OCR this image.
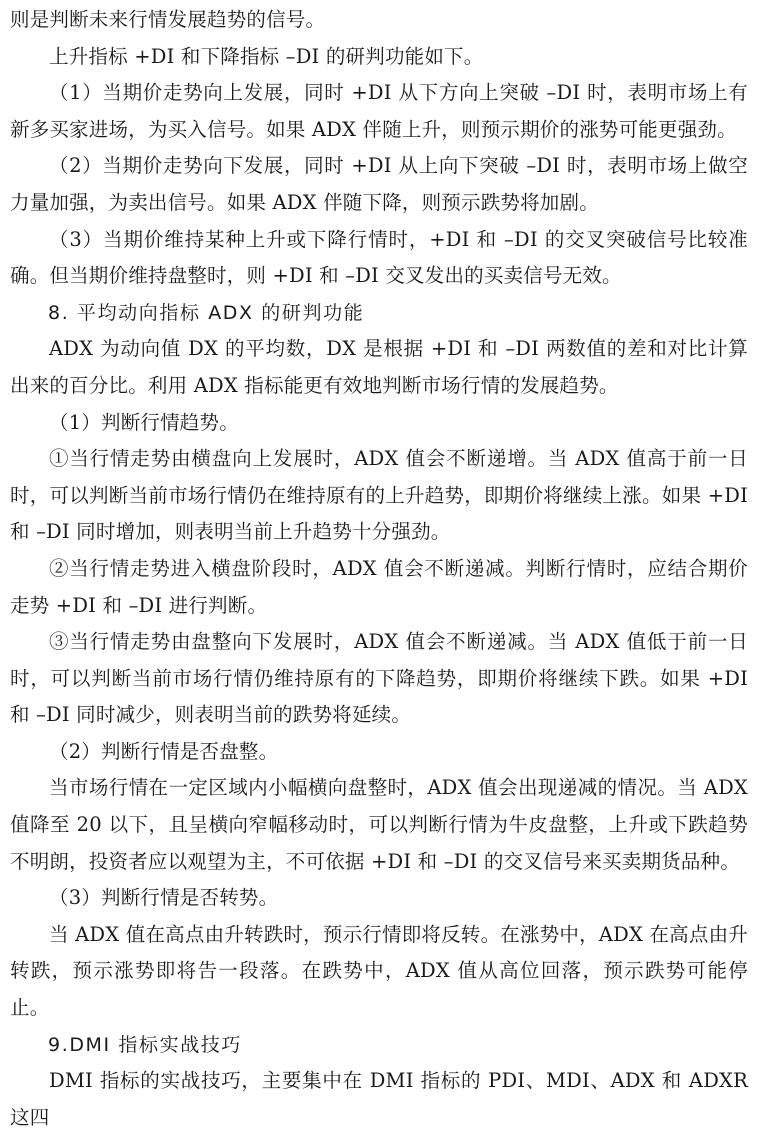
则是判断未来行情发展趋势的信号。

上升指标 +DI 和下降指标 –DI 的研判功能如下。

（1）当期价走势向上发展，同时 +DI 从下方向上突破 –DI 时，表明市场上有新多买家进场，为买入信号。如果 ADX 伴随上升，则预示期价的涨势可能更强劲。

（2）当期价走势向下发展，同时 +DI 从上向下突破 –DI 时，表明市场上做空力量加强，为卖出信号。如果 ADX 伴随下降，则预示跌势将加剧。

（3）当期价维持某种上升或下降行情时，+DI 和 –DI 的交叉突破信号比较准确。但当期价维持盘整时，则 +DI 和 –DI 交叉发出的买卖信号无效。

8. 平均动向指标 ADX 的研判功能

ADX 为动向值 DX 的平均数，DX 是根据 +DI 和 –DI 两数值的差和对比计算出来的百分比。利用 ADX 指标能更有效地判断市场行情的发展趋势。

（1）判断行情趋势。

①当行情走势由横盘向上发展时，ADX 值会不断递增。当 ADX 值高于前一日时，可以判断当前市场行情仍在维持原有的上升趋势，即期价将继续上涨。如果 +DI 和 –DI 同时增加，则表明当前上升趋势十分强劲。

②当行情走势进入横盘阶段时，ADX 值会不断递减。判断行情时，应结合期价走势 +DI 和 –DI 进行判断。

③当行情走势由盘整向下发展时，ADX 值会不断递减。当 ADX 值低于前一日时，可以判断当前市场行情仍维持原有的下降趋势，即期价将继续下跌。如果 +DI 和 –DI 同时减少，则表明当前的跌势将延续。

（2）判断行情是否盘整。

当市场行情在一定区域内小幅横向盘整时，ADX 值会出现递减的情况。当 ADX 值降至 20 以下，且呈横向窄幅移动时，可以判断行情为牛皮盘整，上升或下跌趋势不明朗，投资者应以观望为主，不可依据 +DI 和 –DI 的交叉信号来买卖期货品种。

（3）判断行情是否转势。

当 ADX 值在高点由升转跌时，预示行情即将反转。在涨势中，ADX 在高点由升转跌，预示涨势即将告一段落。在跌势中，ADX 值从高位回落，预示跌势可能停止。

9.DMI 指标实战技巧

DMI 指标的实战技巧，主要集中在 DMI 指标的 PDI、MDI、ADX 和 ADXR 这四
